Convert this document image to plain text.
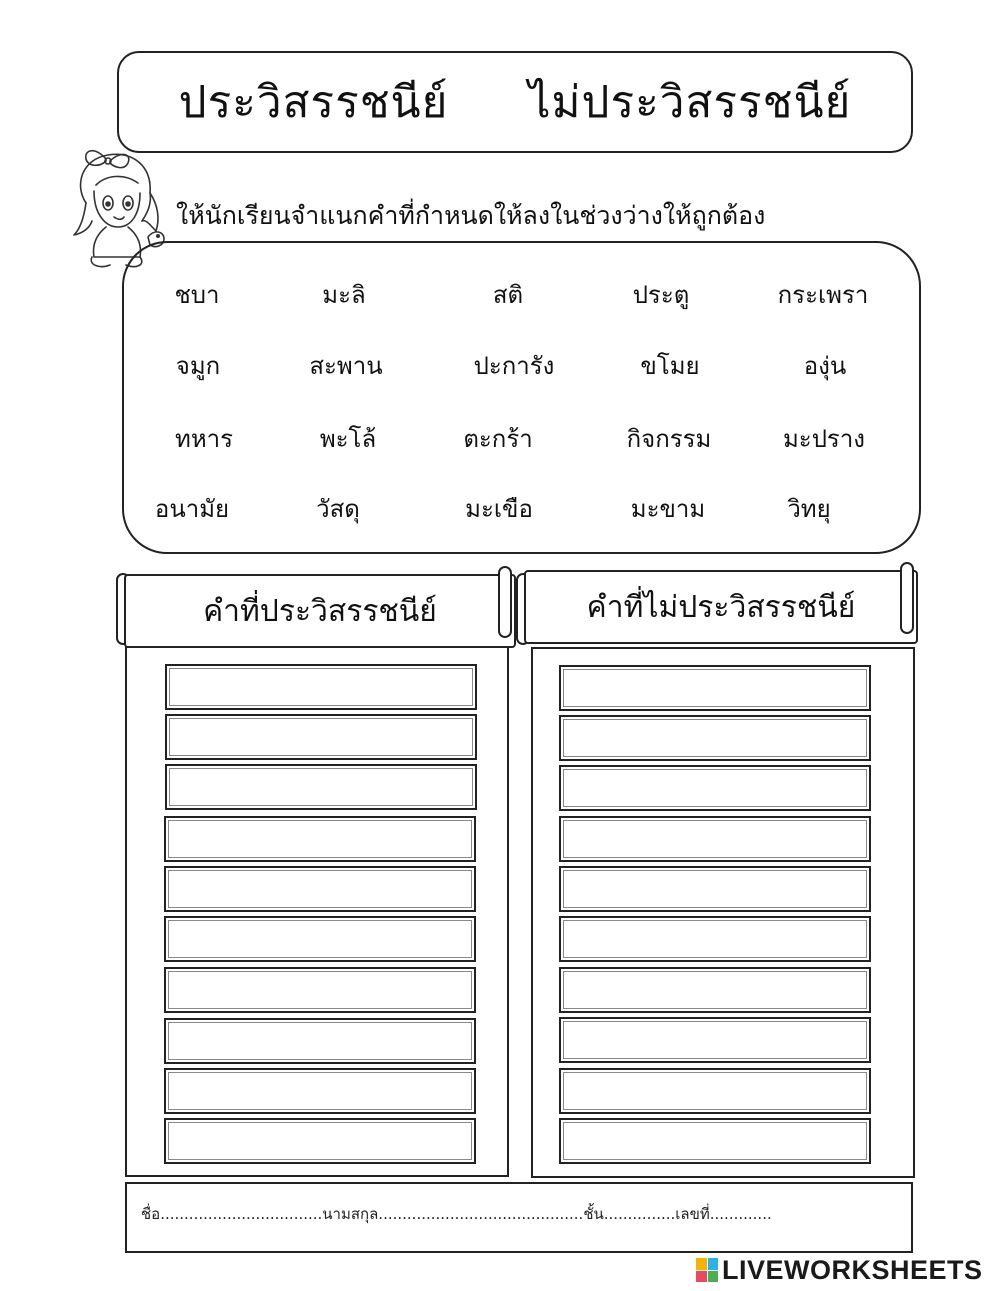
ประวิสรรชนีย์ ไม่ประวิสรรชนีย์
ให้นักเรียนจำแนกคำที่กำหนดให้ลงในช่วงว่างให้ถูกต้อง
ชบา	มะลิ	สติ	ประตู	กระเพรา
จมูก	สะพาน	ปะการัง	ขโมย	องุ่น
ทหาร	พะโล้	ตะกร้า	กิจกรรม	มะปราง
อนามัย	วัสดุ	มะเขือ	มะขาม	วิทยุ
คำที่ประวิสรรชนีย์	คำที่ไม่ประวิสรรชนีย์
ชื่อ..................................นามสกุล...........................................ชั้น...............เลขที่.............
LIVEWORKSHEETS
